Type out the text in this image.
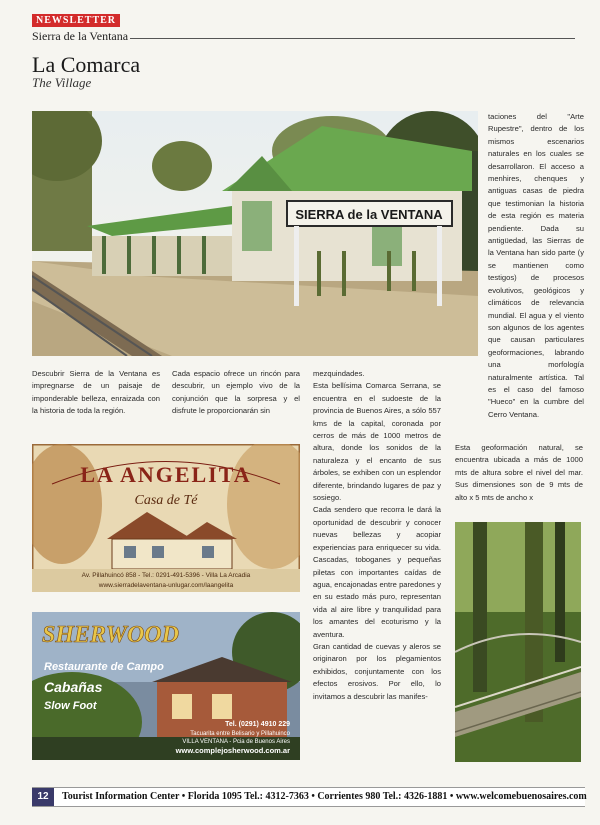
NEWSLETTER
Sierra de la Ventana
La Comarca
The Village
SIERRA de la VENTANA

Descubrir Sierra de la Ventana es impregnarse de un paisaje de imponderable belleza, enraizada con la historia de toda la región.

Cada espacio ofrece un rincón para descubrir, un ejemplo vivo de la conjunción que la sorpresa y el disfrute le proporcionarán sin

mezquindades.

Esta bellísima Comarca Serrana, se encuentra en el sudoeste de la provincia de Buenos Aires, a sólo 557 kms de la capital, coronada por cerros de más de 1000 metros de altura, donde los sonidos de la naturaleza y el encanto de sus árboles, se exhiben con un esplendor diferente, brindando lugares de paz y sosiego.

Cada sendero que recorra le dará la oportunidad de descubrir y conocer nuevas bellezas y acopiar experiencias para enriquecer su vida. Cascadas, toboganes y pequeñas piletas con importantes caídas de agua, encajonadas entre paredones y en su estado más puro, representan vida al aire libre y tranquilidad para los amantes del ecoturismo y la aventura.

Gran cantidad de cuevas y aleros se originaron por los plegamientos exhibidos, conjuntamente con los efectos erosivos. Por ello, lo invitamos a descubrir las manifes-

taciones del "Arte Rupestre", dentro de los mismos escenarios naturales en los cuales se desarrollaron. El acceso a menhires, chenques y antiguas casas de piedra que testimonian la historia de esta región es materia pendiente. Dada su antigüedad, las Sierras de la Ventana han sido parte (y se mantienen como testigos) de procesos evolutivos, geológicos y climáticos de relevancia mundial. El agua y el viento son algunos de los agentes que causan particulares geoformaciones, labrando una morfología naturalmente artística. Tal es el caso del famoso "Hueco" en la cumbre del Cerro Ventana.

Esta geoformación natural, se encuentra ubicada a más de 1000 mts de altura sobre el nivel del mar. Sus dimensiones son de 9 mts de alto x 5 mts de ancho x

LA ANGELITA
Casa de Té
Av. Pillahuincó 858 - Tel.: 0291-491-5396 - Villa La Arcadia
www.sierradelaventana-unlugar.com/laangelita
SHERWOOD
Restaurante de Campo
Cabañas
Slow Foot
Tel. (0291) 4910 229
Tacuarita entre Belisario y Pillahuinco
VILLA VENTANA - Pcia de Buenos Aires
www.complejosherwood.com.ar
12	Tourist Information Center • Florida 1095 Tel.: 4312-7363 • Corrientes 980 Tel.: 4326-1881 • www.welcomebuenosaires.com
